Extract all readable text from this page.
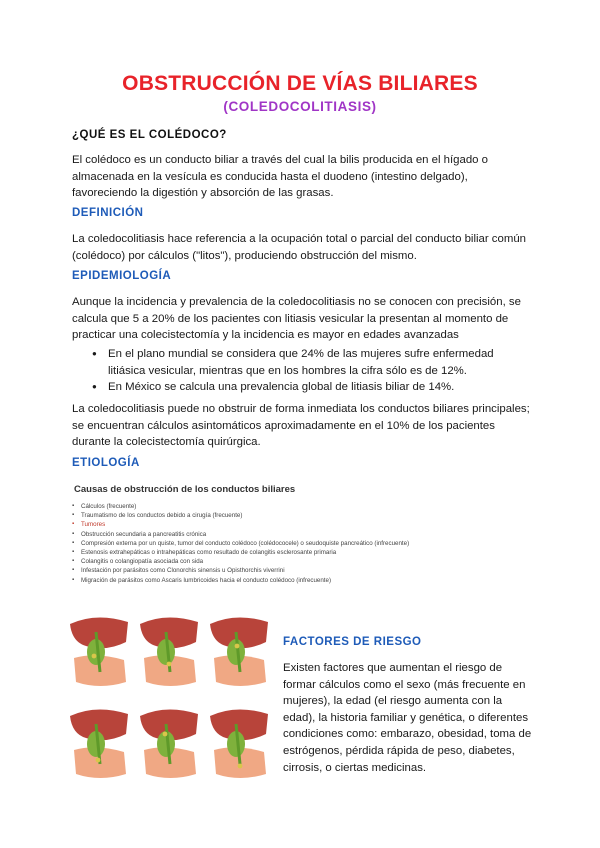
OBSTRUCCIÓN DE VÍAS BILIARES
(COLEDOCOLITIASIS)
¿QUÉ ES EL COLÉDOCO?

El colédoco es un conducto biliar a través del cual la bilis producida en el hígado o almacenada en la vesícula es conducida hasta el duodeno (intestino delgado), favoreciendo la digestión y absorción de las grasas.

DEFINICIÓN

La coledocolitiasis hace referencia a la ocupación total o parcial del conducto biliar común (colédoco) por cálculos ("litos"), produciendo obstrucción del mismo.

EPIDEMIOLOGÍA

Aunque la incidencia y prevalencia de la coledocolitiasis no se conocen con precisión, se calcula que 5 a 20% de los pacientes con litiasis vesicular la presentan al momento de practicar una colecistectomía y la incidencia es mayor en edades avanzadas

● En el plano mundial se considera que 24% de las mujeres sufre enfermedad litiásica vesicular, mientras que en los hombres la cifra sólo es de 12%.
● En México se calcula una prevalencia global de litiasis biliar de 14%.

La coledocolitiasis puede no obstruir de forma inmediata los conductos biliares principales; se encuentran cálculos asintomáticos aproximadamente en el 10% de los pacientes durante la colecistectomía quirúrgica.

ETIOLOGÍA
Causas de obstrucción de los conductos biliares
▪ Cálculos (frecuente)
▪ Traumatismo de los conductos debido a cirugía (frecuente)
▪ Tumores
▪ Obstrucción secundaria a pancreatitis crónica
▪ Compresión externa por un quiste, tumor del conducto colédoco (colédococele) o seudoquiste pancreático (infrecuente)
▪ Estenosis extrahepáticas o intrahepáticas como resultado de colangitis esclerosante primaria
▪ Colangitis o colangiopatía asociada con sida
▪ Infestación por parásitos como Clonorchis sinensis u Opisthorchis viverrini
▪ Migración de parásitos como Ascaris lumbricoides hacia el conducto colédoco (infrecuente)
FACTORES DE RIESGO

Existen factores que aumentan el riesgo de formar cálculos como el sexo (más frecuente en mujeres), la edad (el riesgo aumenta con la edad), la historia familiar y genética, o diferentes condiciones como: embarazo, obesidad, toma de estrógenos, pérdida rápida de peso, diabetes, cirrosis, o ciertas medicinas.
